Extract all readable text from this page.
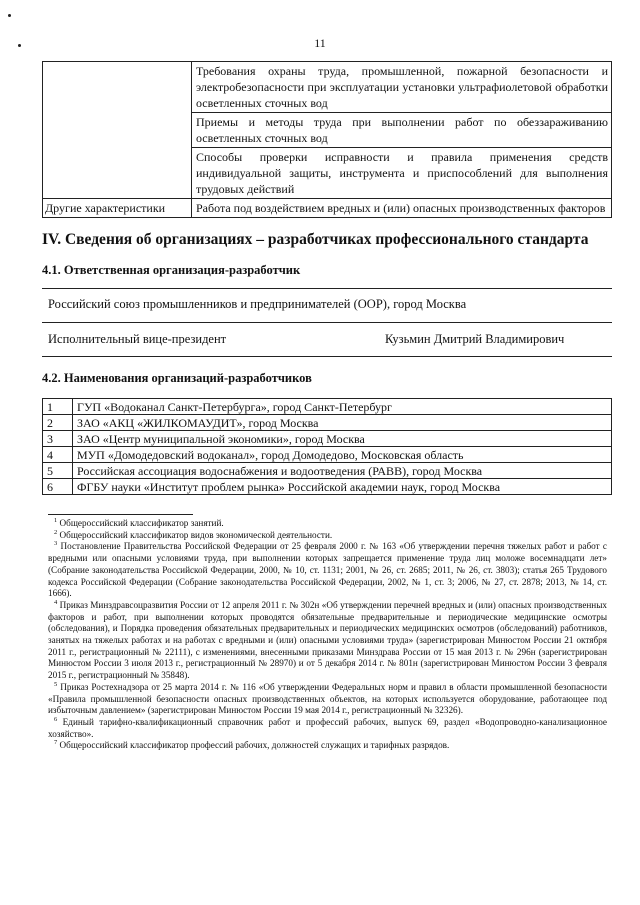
11
	Требования охраны труда, промышленной, пожарной безопасности и электробезопасности при эксплуатации установки ультрафиолетовой обработки осветленных сточных вод
	Приемы и методы труда при выполнении работ по обеззараживанию осветленных сточных вод
	Способы проверки исправности и правила применения средств индивидуальной защиты, инструмента и приспособлений для выполнения трудовых действий
Другие характеристики	Работа под воздействием вредных и (или) опасных производственных факторов
IV. Сведения об организациях – разработчиках профессионального стандарта
4.1. Ответственная организация-разработчик
Российский союз промышленников и предпринимателей (ООР), город Москва
Исполнительный вице-президент	Кузьмин Дмитрий Владимирович
4.2. Наименования организаций-разработчиков
1	ГУП «Водоканал Санкт-Петербурга», город Санкт-Петербург
2	ЗАО «АКЦ «ЖИЛКОМАУДИТ», город Москва
3	ЗАО «Центр муниципальной экономики», город Москва
4	МУП «Домодедовский водоканал», город Домодедово, Московская область
5	Российская ассоциация водоснабжения и водоотведения (РАВВ), город Москва
6	ФГБУ науки «Институт проблем рынка» Российской академии наук, город Москва

$^1$ Общероссийский классификатор занятий.

$^2$ Общероссийский классификатор видов экономической деятельности.

$^3$ Постановление Правительства Российской Федерации от 25 февраля 2000 г. № 163 «Об утверждении перечня тяжелых работ и работ с вредными или опасными условиями труда, при выполнении которых запрещается применение труда лиц моложе восемнадцати лет» (Собрание законодательства Российской Федерации, 2000, № 10, ст. 1131; 2001, № 26, ст. 2685; 2011, № 26, ст. 3803); статья 265 Трудового кодекса Российской Федерации (Собрание законодательства Российской Федерации, 2002, № 1, ст. 3; 2006, № 27, ст. 2878; 2013, № 14, ст. 1666).

$^4$ Приказ Минздравсоцразвития России от 12 апреля 2011 г. № 302н «Об утверждении перечней вредных и (или) опасных производственных факторов и работ, при выполнении которых проводятся обязательные предварительные и периодические медицинские осмотры (обследования), и Порядка проведения обязательных предварительных и периодических медицинских осмотров (обследований) работников, занятых на тяжелых работах и на работах с вредными и (или) опасными условиями труда» (зарегистрирован Минюстом России 21 октября 2011 г., регистрационный № 22111), с изменениями, внесенными приказами Минздрава России от 15 мая 2013 г. № 296н (зарегистрирован Минюстом России 3 июля 2013 г., регистрационный № 28970) и от 5 декабря 2014 г. № 801н (зарегистрирован Минюстом России 3 февраля 2015 г., регистрационный № 35848).

$^5$ Приказ Ростехнадзора от 25 марта 2014 г. № 116 «Об утверждении Федеральных норм и правил в области промышленной безопасности «Правила промышленной безопасности опасных производственных объектов, на которых используется оборудование, работающее под избыточным давлением» (зарегистрирован Минюстом России 19 мая 2014 г., регистрационный № 32326).

$^6$ Единый тарифно-квалификационный справочник работ и профессий рабочих, выпуск 69, раздел «Водопроводно-канализационное хозяйство».

$^7$ Общероссийский классификатор профессий рабочих, должностей служащих и тарифных разрядов.
